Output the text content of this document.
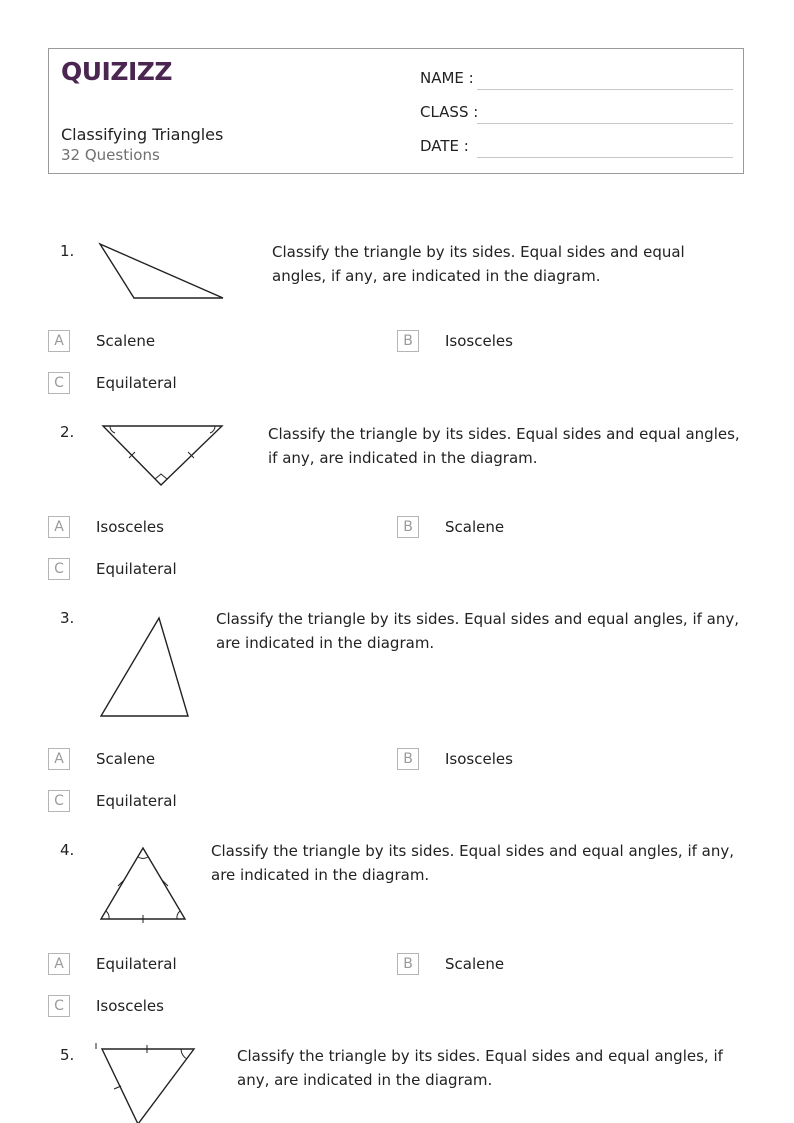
QUIZIZZ
Classifying Triangles
32 Questions
NAME :
CLASS :
DATE :
1.	Classify the triangle by its sides. Equal sides and equal angles, if any, are indicated in the diagram.
A	Scalene	B	Isosceles
C	Equilateral
2.	Classify the triangle by its sides. Equal sides and equal angles, if any, are indicated in the diagram.
A	Isosceles	B	Scalene
C	Equilateral
3.	Classify the triangle by its sides. Equal sides and equal angles, if any, are indicated in the diagram.
A	Scalene	B	Isosceles
C	Equilateral
4.	Classify the triangle by its sides. Equal sides and equal angles, if any, are indicated in the diagram.
A	Equilateral	B	Scalene
C	Isosceles
5.	Classify the triangle by its sides. Equal sides and equal angles, if any, are indicated in the diagram.
